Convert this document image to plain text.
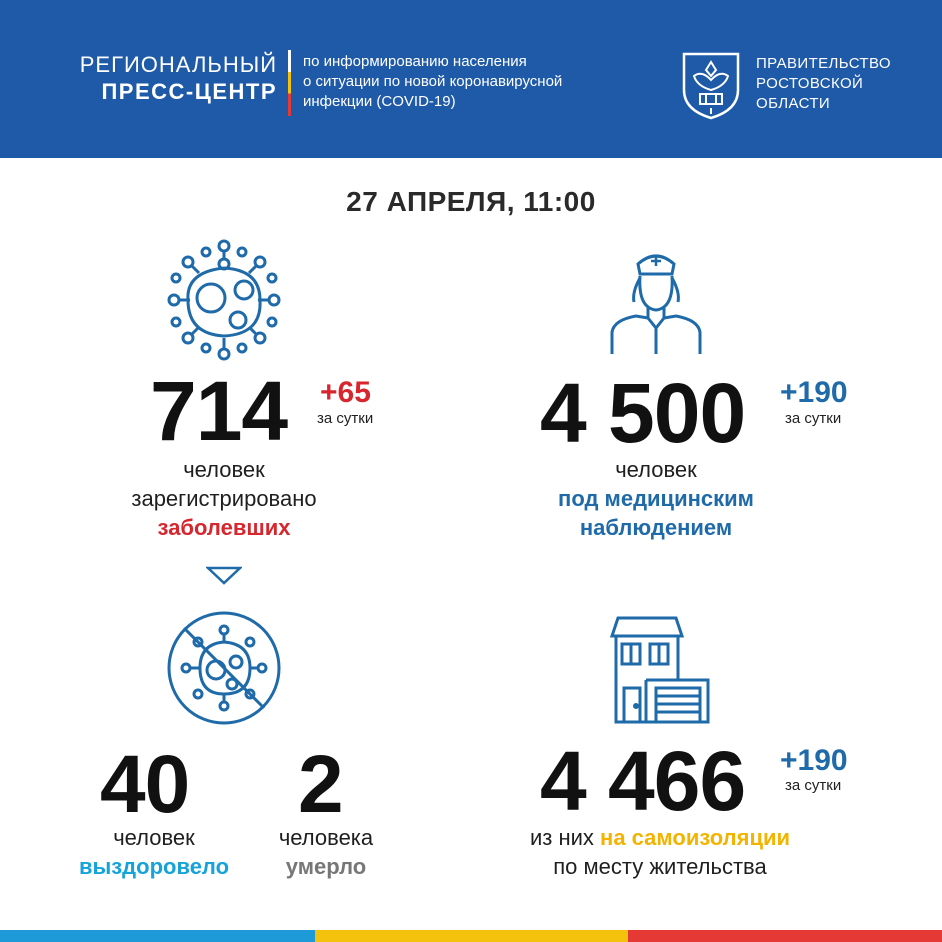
РЕГИОНАЛЬНЫЙ
ПРЕСС-ЦЕНТР
по информированию населения
о ситуации по новой коронавирусной
инфекции (COVID-19)
ПРАВИТЕЛЬСТВО
РОСТОВСКОЙ
ОБЛАСТИ
27 АПРЕЛЯ, 11:00
714 +65
за сутки
человек
зарегистрировано
заболевших
4 500 +190
за сутки
человек
под медицинским
наблюдением
40
человек
выздоровело
2
человека
умерло
4 466 +190
за сутки
из них на самоизоляции
по месту жительства
